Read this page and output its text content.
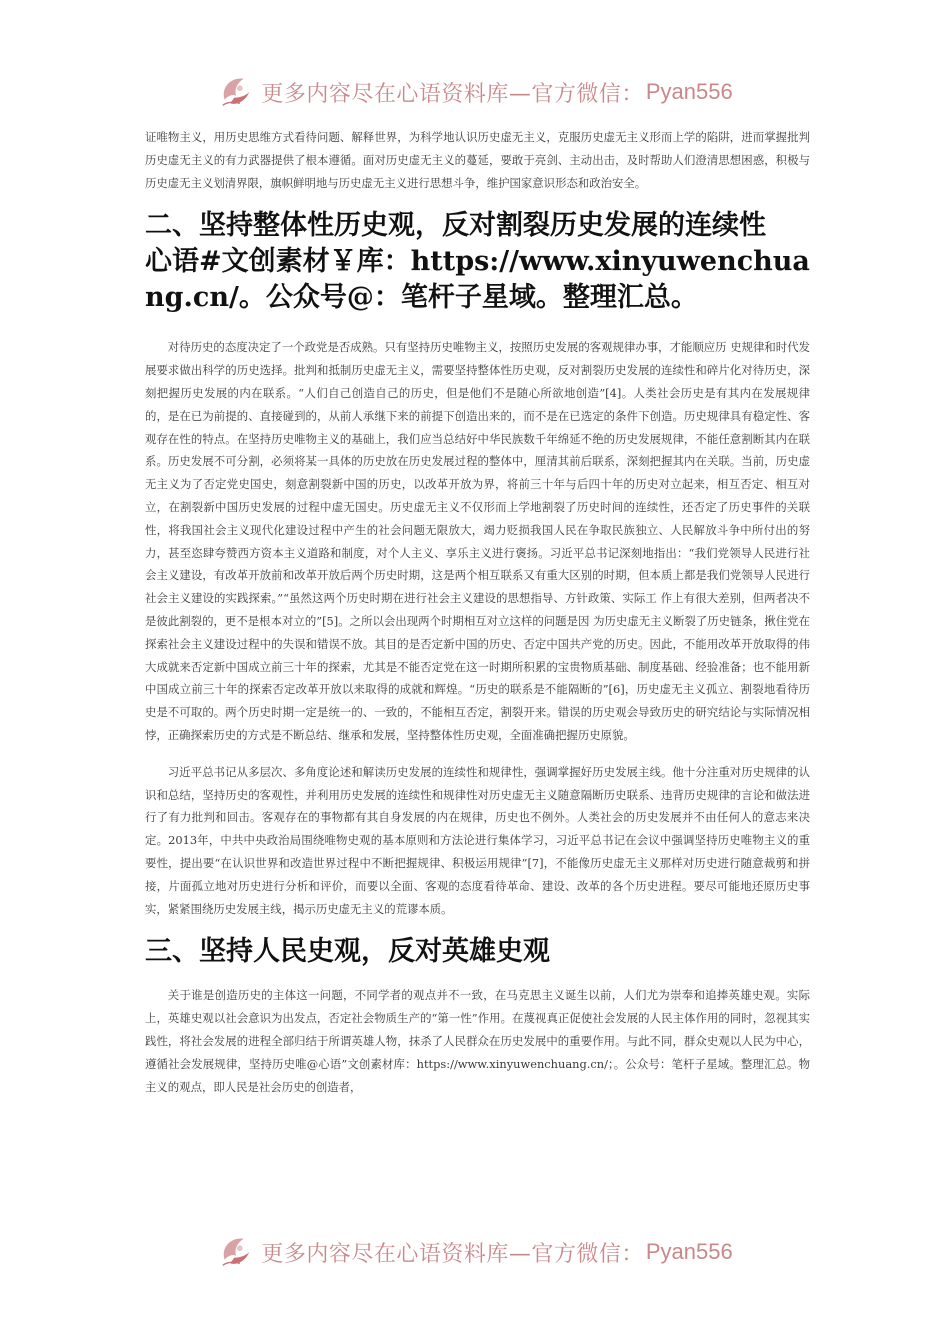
更多内容尽在心语资料库—官方微信： Pyan556

证唯物主义，用历史思维方式看待问题、解释世界，为科学地认识历史虚无主义，克服历史虚无主义形而上学的陷阱，进而掌握批判历史虚无主义的有力武器提供了根本遵循。面对历史虚无主义的蔓延，要敢于亮剑、主动出击，及时帮助人们澄清思想困惑，积极与历史虚无主义划清界限，旗帜鲜明地与历史虚无主义进行思想斗争，维护国家意识形态和政治安全。

二、坚持整体性历史观，反对割裂历史发展的连续性
心语#文创素材￥库：https://www.xinyuwenchuang.cn/。公众号@：笔杆子星域。整理汇总。

对待历史的态度决定了一个政党是否成熟。只有坚持历史唯物主义，按照历史发展的客观规律办事，才能顺应历 史规律和时代发展要求做出科学的历史选择。批判和抵制历史虚无主义，需要坚持整体性历史观，反对割裂历史发展的连续性和碎片化对待历史，深刻把握历史发展的内在联系。“人们自己创造自己的历史，但是他们不是随心所欲地创造”[4]。人类社会历史是有其内在发展规律的，是在已为前提的、直接碰到的，从前人承继下来的前提下创造出来的，而不是在已选定的条件下创造。历史规律具有稳定性、客观存在性的特点。在坚持历史唯物主义的基础上，我们应当总结好中华民族数千年绵延不绝的历史发展规律，不能任意割断其内在联系。历史发展不可分割，必须将某一具体的历史放在历史发展过程的整体中，厘清其前后联系，深刻把握其内在关联。当前，历史虚无主义为了否定党史国史，刻意割裂新中国的历史，以改革开放为界，将前三十年与后四十年的历史对立起来，相互否定、相互对立，在割裂新中国历史发展的过程中虚无国史。历史虚无主义不仅形而上学地割裂了历史时间的连续性，还否定了历史事件的关联性，将我国社会主义现代化建设过程中产生的社会问题无限放大，竭力贬损我国人民在争取民族独立、人民解放斗争中所付出的努力，甚至恣肆夸赞西方资本主义道路和制度，对个人主义、享乐主义进行褒扬。习近平总书记深刻地指出：“我们党领导人民进行社会主义建设，有改革开放前和改革开放后两个历史时期，这是两个相互联系又有重大区别的时期，但本质上都是我们党领导人民进行社会主义建设的实践探索。”“虽然这两个历史时期在进行社会主义建设的思想指导、方针政策、实际工 作上有很大差别，但两者决不是彼此割裂的，更不是根本对立的”[5]。之所以会出现两个时期相互对立这样的问题是因 为历史虚无主义断裂了历史链条，揪住党在探索社会主义建设过程中的失误和错误不放。其目的是否定新中国的历史、否定中国共产党的历史。因此，不能用改革开放取得的伟大成就来否定新中国成立前三十年的探索，尤其是不能否定党在这一时期所积累的宝贵物质基础、制度基础、经验准备；也不能用新中国成立前三十年的探索否定改革开放以来取得的成就和辉煌。“历史的联系是不能隔断的”[6]，历史虚无主义孤立、割裂地看待历史是不可取的。两个历史时期一定是统一的、一致的，不能相互否定，割裂开来。错误的历史观会导致历史的研究结论与实际情况相悖，正确探索历史的方式是不断总结、继承和发展，坚持整体性历史观，全面准确把握历史原貌。

习近平总书记从多层次、多角度论述和解读历史发展的连续性和规律性，强调掌握好历史发展主线。他十分注重对历史规律的认识和总结，坚持历史的客观性，并利用历史发展的连续性和规律性对历史虚无主义随意隔断历史联系、违背历史规律的言论和做法进行了有力批判和回击。客观存在的事物都有其自身发展的内在规律，历史也不例外。人类社会的历史发展并不由任何人的意志来决定。2013年，中共中央政治局围绕唯物史观的基本原则和方法论进行集体学习，习近平总书记在会议中强调坚持历史唯物主义的重要性，提出要“在认识世界和改造世界过程中不断把握规律、积极运用规律”[7]，不能像历史虚无主义那样对历史进行随意裁剪和拼接，片面孤立地对历史进行分析和评价，而要以全面、客观的态度看待革命、建设、改革的各个历史进程。要尽可能地还原历史事实，紧紧围绕历史发展主线，揭示历史虚无主义的荒谬本质。

三、坚持人民史观，反对英雄史观

关于谁是创造历史的主体这一问题，不同学者的观点并不一致，在马克思主义诞生以前，人们尤为崇奉和追捧英雄史观。实际上，英雄史观以社会意识为出发点，否定社会物质生产的“第一性”作用。在蔑视真正促使社会发展的人民主体作用的同时，忽视其实践性，将社会发展的进程全部归结于所谓英雄人物，抹杀了人民群众在历史发展中的重要作用。与此不同，群众史观以人民为中心，遵循社会发展规律，坚持历史唯@心语”文创素材库：https://www.xinyuwenchuang.cn/；。公众号：笔杆子星域。整理汇总。物主义的观点，即人民是社会历史的创造者，

更多内容尽在心语资料库—官方微信： Pyan556
